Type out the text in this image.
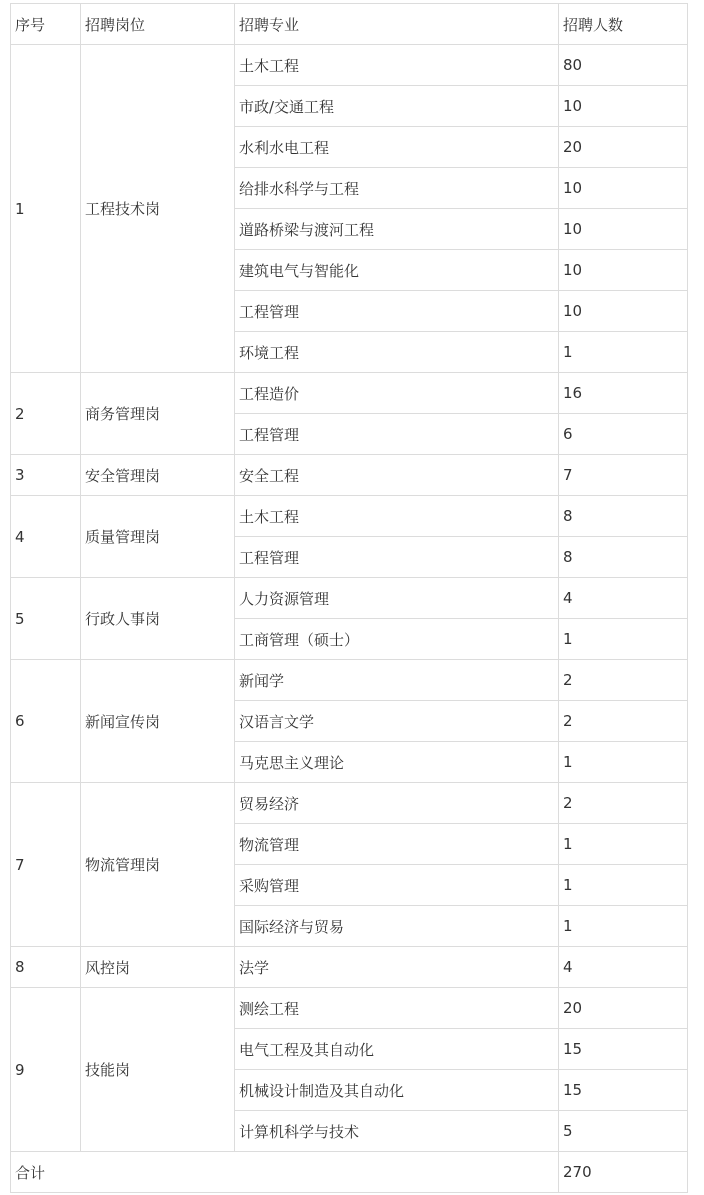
序号	招聘岗位	招聘专业	招聘人数
1	工程技术岗	土木工程	80
		市政/交通工程	10
		水利水电工程	20
		给排水科学与工程	10
		道路桥梁与渡河工程	10
		建筑电气与智能化	10
		工程管理	10
		环境工程	1
2	商务管理岗	工程造价	16
		工程管理	6
3	安全管理岗	安全工程	7
4	质量管理岗	土木工程	8
		工程管理	8
5	行政人事岗	人力资源管理	4
		工商管理（硕士）	1
6	新闻宣传岗	新闻学	2
		汉语言文学	2
		马克思主义理论	1
7	物流管理岗	贸易经济	2
		物流管理	1
		采购管理	1
		国际经济与贸易	1
8	风控岗	法学	4
9	技能岗	测绘工程	20
		电气工程及其自动化	15
		机械设计制造及其自动化	15
		计算机科学与技术	5
合计			270
